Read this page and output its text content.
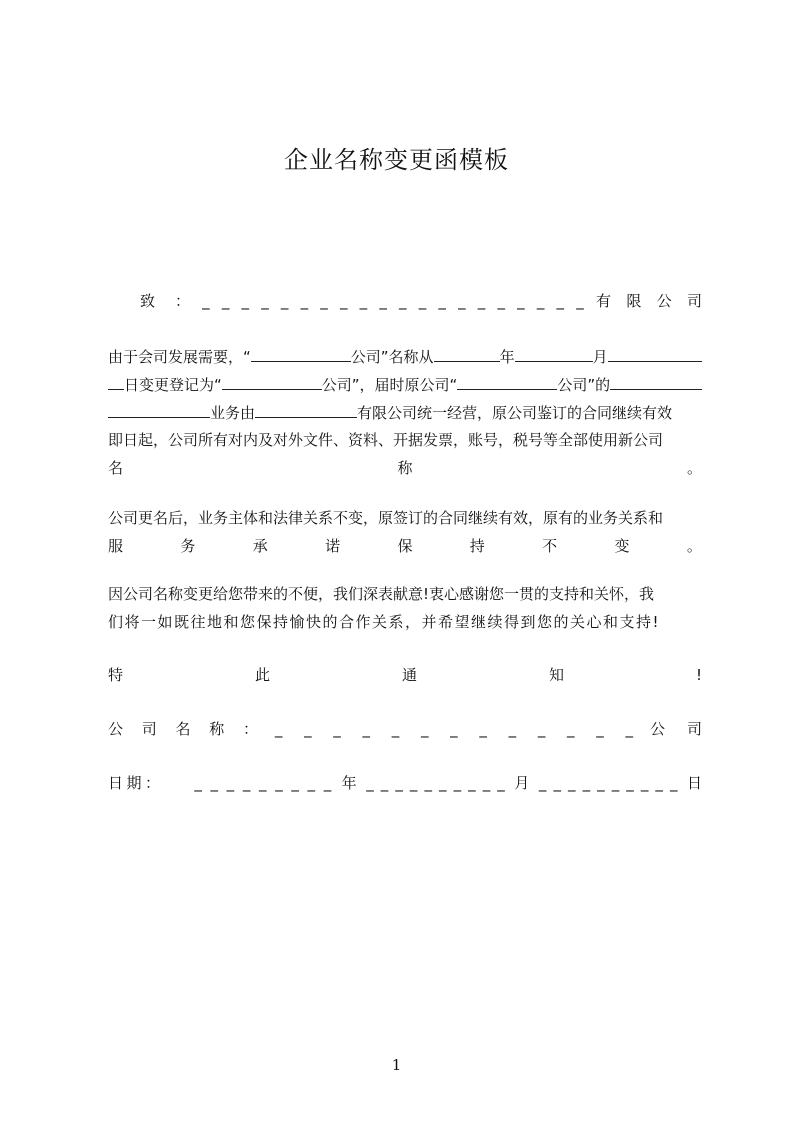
企业名称变更函模板
致 ： _ _ _ _ _ _ _ _ _ _ _ _ _ _ _ _ _ _ _ _ 有 限 公 司
由于会司发展需要，“	公司”名称从	年	月
日变更登记为“	公司”，届时原公司“	公司”的
业务由	有限公司统一经营，原公司鉴订的合同继续有效
即日起，公司所有对内及对外文件、资料、开据发票，账号，税号等全部使用新公司
名	称	。
公司更名后，业务主体和法律关系不变，原签订的合同继续有效，原有的业务关系和
服	务	承	诺	保	持	不	变	。
因公司名称变更给您带来的不便，我们深表献意!衷心感谢您一贯的支持和关怀，我
们将一如既往地和您保持愉快的合作关系，并希望继续得到您的关心和支持!
特	此	通	知	!
公 司 名 称 ： _ _ _ _ _ _ _ _ _ _ _ _ _ 公 司
日 期 ： _ _ _ _ _ _ _ _ _ 年 _ _ _ _ _ _ _ _ _ _ 月 _ _ _ _ _ _ _ _ _ _ 日
1
